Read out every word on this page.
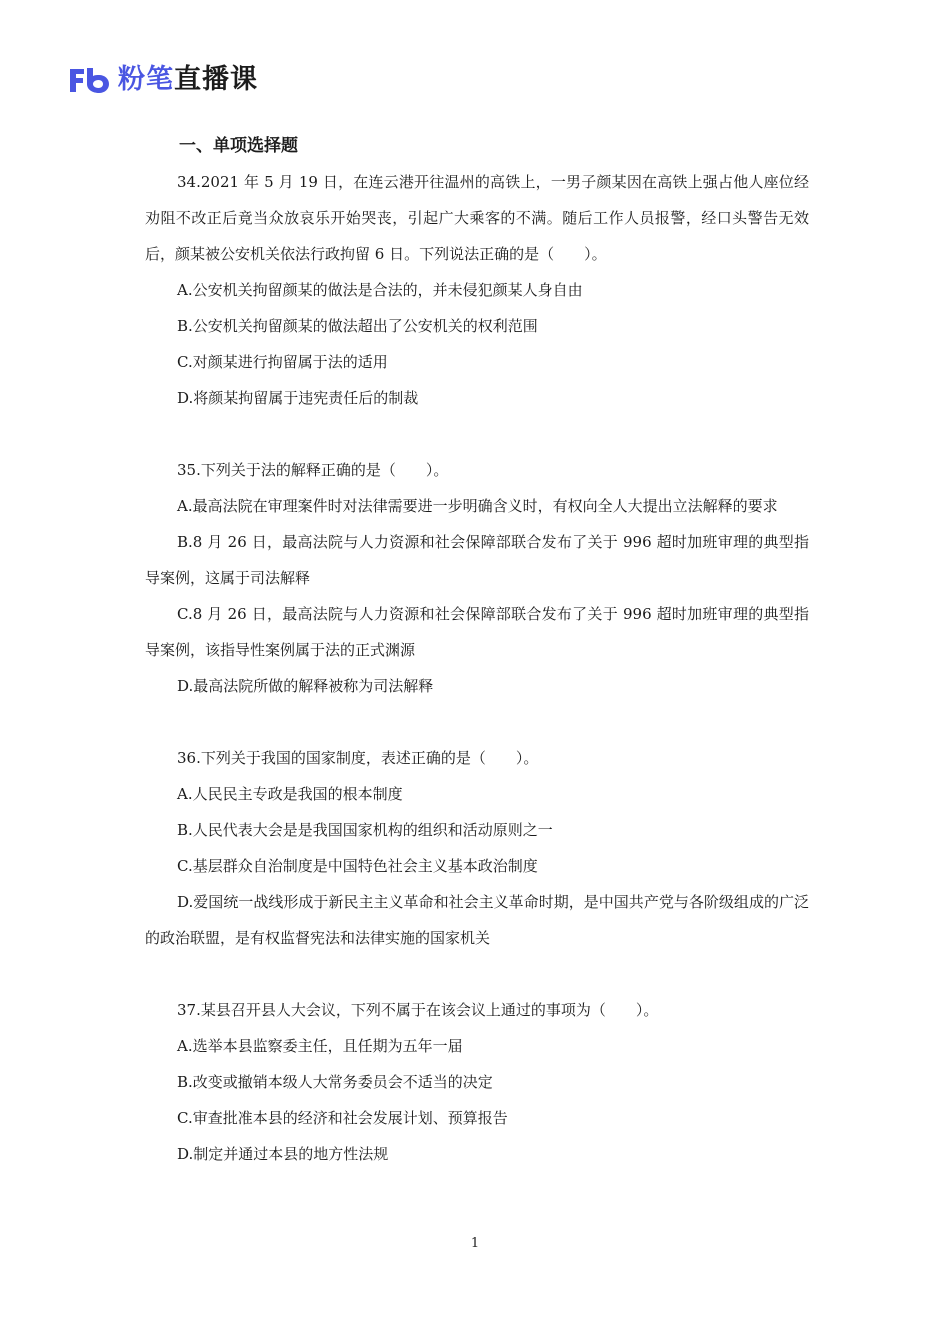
粉笔直播课
一、单项选择题

34.2021 年 5 月 19 日，在连云港开往温州的高铁上，一男子颜某因在高铁上强占他人座位经劝阻不改正后竟当众放哀乐开始哭丧，引起广大乘客的不满。随后工作人员报警，经口头警告无效后，颜某被公安机关依法行政拘留 6 日。下列说法正确的是（　　）。

A.公安机关拘留颜某的做法是合法的，并未侵犯颜某人身自由

B.公安机关拘留颜某的做法超出了公安机关的权利范围

C.对颜某进行拘留属于法的适用

D.将颜某拘留属于违宪责任后的制裁

35.下列关于法的解释正确的是（　　）。

A.最高法院在审理案件时对法律需要进一步明确含义时，有权向全人大提出立法解释的要求

B.8 月 26 日，最高法院与人力资源和社会保障部联合发布了关于 996 超时加班审理的典型指导案例，这属于司法解释

C.8 月 26 日，最高法院与人力资源和社会保障部联合发布了关于 996 超时加班审理的典型指导案例，该指导性案例属于法的正式渊源

D.最高法院所做的解释被称为司法解释

36.下列关于我国的国家制度，表述正确的是（　　）。

A.人民民主专政是我国的根本制度

B.人民代表大会是是我国国家机构的组织和活动原则之一

C.基层群众自治制度是中国特色社会主义基本政治制度

D.爱国统一战线形成于新民主主义革命和社会主义革命时期，是中国共产党与各阶级组成的广泛的政治联盟，是有权监督宪法和法律实施的国家机关

37.某县召开县人大会议，下列不属于在该会议上通过的事项为（　　）。

A.选举本县监察委主任，且任期为五年一届

B.改变或撤销本级人大常务委员会不适当的决定

C.审查批准本县的经济和社会发展计划、预算报告

D.制定并通过本县的地方性法规

1
